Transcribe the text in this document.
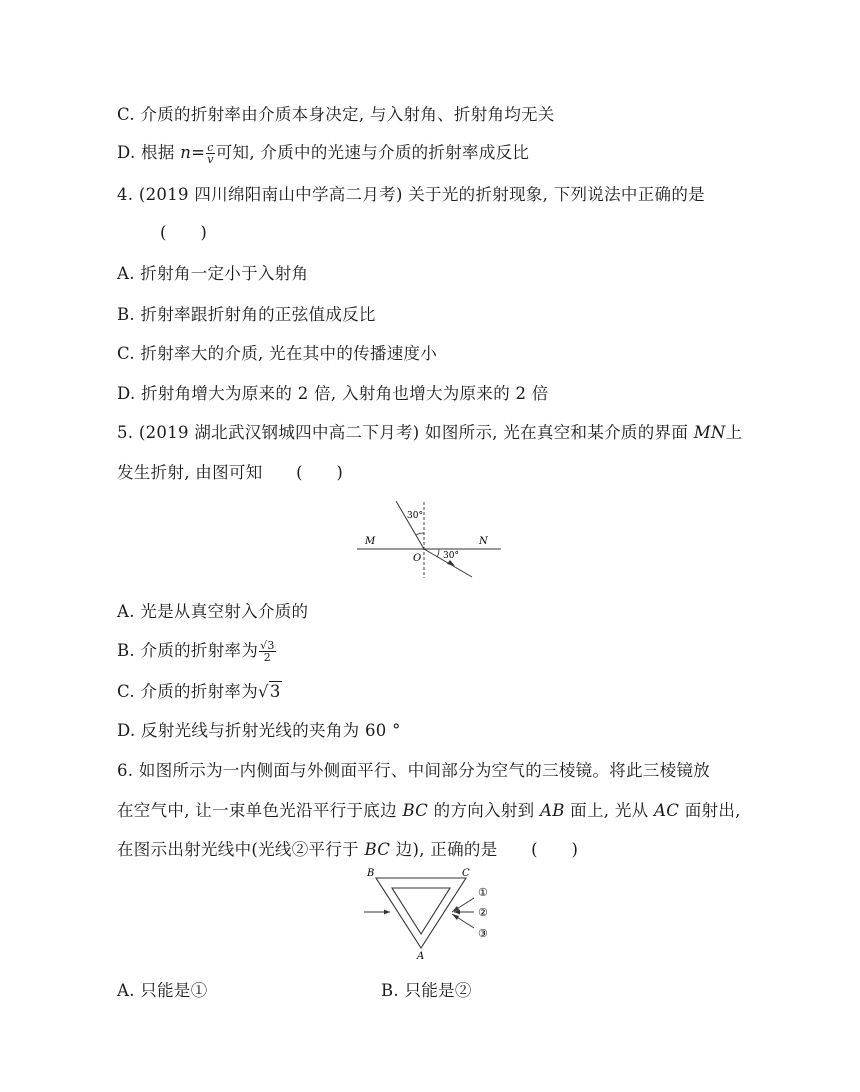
C. 介质的折射率由介质本身决定, 与入射角、折射角均无关
D. 根据 $n= \frac{c}{v}$ 可知, 介质中的光速与介质的折射率成反比
4. (2019 四川绵阳南山中学高二月考) 关于光的折射现象, 下列说法中正确的是
(　　)
A. 折射角一定小于入射角
B. 折射率跟折射角的正弦值成反比
C. 折射率大的介质, 光在其中的传播速度小
D. 折射角增大为原来的 2 倍, 入射角也增大为原来的 2 倍
5. (2019 湖北武汉钢城四中高二下月考) 如图所示, 光在真空和某介质的界面 MN上
发生折射, 由图可知　　(　　)
M	N
O
30°
30°
A. 光是从真空射入介质的
B. 介质的折射率为 $\frac{√3}{2}$
C. 介质的折射率为√3
D. 反射光线与折射光线的夹角为 60 °
6. 如图所示为一内侧面与外侧面平行、中间部分为空气的三棱镜。将此三棱镜放
在空气中, 让一束单色光沿平行于底边 BC 的方向入射到 AB 面上, 光从 AC 面射出,
在图示出射光线中(光线②平行于 BC 边), 正确的是　　(　　)
B	C
A
①
②
③
A. 只能是①	B. 只能是②
